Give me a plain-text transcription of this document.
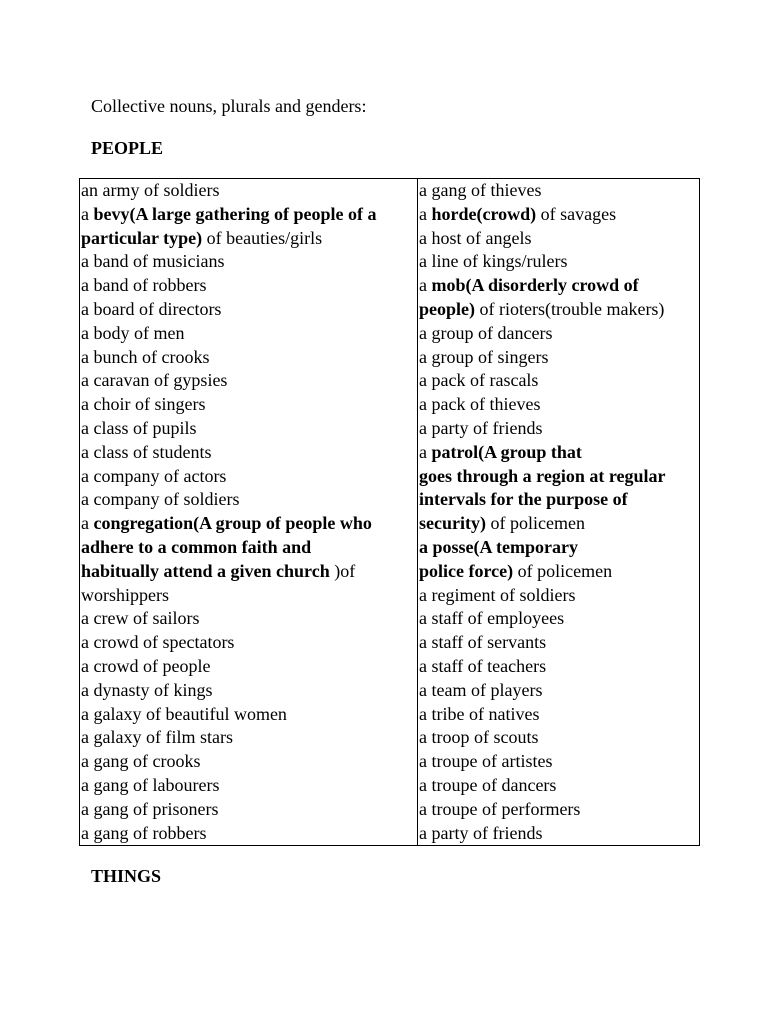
Collective nouns, plurals and genders:
PEOPLE
an army of soldiers
a bevy(A large gathering of people of a
particular type) of beauties/girls
a band of musicians
a band of robbers
a board of directors
a body of men
a bunch of crooks
a caravan of gypsies
a choir of singers
a class of pupils
a class of students
a company of actors
a company of soldiers
a congregation(A group of people who
adhere to a common faith and
habitually attend a given church )of
worshippers
a crew of sailors
a crowd of spectators
a crowd of people
a dynasty of kings
a galaxy of beautiful women
a galaxy of film stars
a gang of crooks
a gang of labourers
a gang of prisoners
a gang of robbers
a gang of thieves
a horde(crowd) of savages
a host of angels
a line of kings/rulers
a mob(A disorderly crowd of
people) of rioters(trouble makers)
a group of dancers
a group of singers
a pack of rascals
a pack of thieves
a party of friends
a patrol(A group that
goes through a region at regular
intervals for the purpose of
security) of policemen
a posse(A temporary
police force) of policemen
a regiment of soldiers
a staff of employees
a staff of servants
a staff of teachers
a team of players
a tribe of natives
a troop of scouts
a troupe of artistes
a troupe of dancers
a troupe of performers
a party of friends
THINGS
